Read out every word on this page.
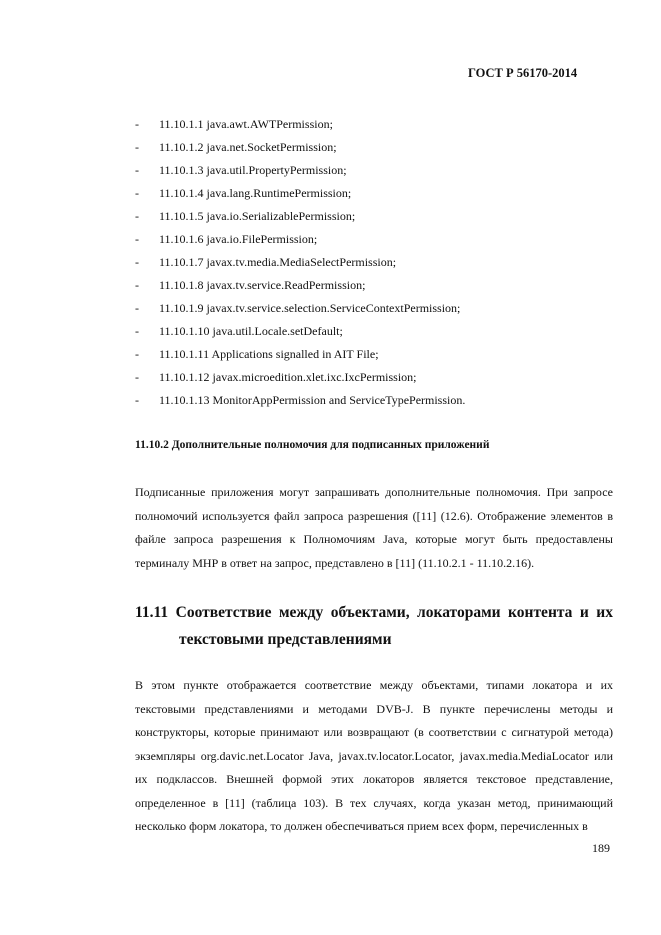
ГОСТ Р 56170-2014
- 11.10.1.1 java.awt.AWTPermission;
- 11.10.1.2 java.net.SocketPermission;
- 11.10.1.3 java.util.PropertyPermission;
- 11.10.1.4 java.lang.RuntimePermission;
- 11.10.1.5 java.io.SerializablePermission;
- 11.10.1.6 java.io.FilePermission;
- 11.10.1.7 javax.tv.media.MediaSelectPermission;
- 11.10.1.8 javax.tv.service.ReadPermission;
- 11.10.1.9 javax.tv.service.selection.ServiceContextPermission;
- 11.10.1.10 java.util.Locale.setDefault;
- 11.10.1.11 Applications signalled in AIT File;
- 11.10.1.12 javax.microedition.xlet.ixc.IxcPermission;
- 11.10.1.13 MonitorAppPermission and ServiceTypePermission.
11.10.2 Дополнительные полномочия для подписанных приложений

Подписанные приложения могут запрашивать дополнительные полномочия. При запросе полномочий используется файл запроса разрешения ([11] (12.6). Отображение элементов в файле запроса разрешения к Полномочиям Java, которые могут быть предоставлены терминалу МНР в ответ на запрос, представлено в [11] (11.10.2.1 - 11.10.2.16).

11.11 Соответствие между объектами, локаторами контента и их
текстовыми представлениями

В этом пункте отображается соответствие между объектами, типами локатора и их текстовыми представлениями и методами DVB-J. В пункте перечислены методы и конструкторы, которые принимают или возвращают (в соответствии с сигнатурой метода) экземпляры org.davic.net.Locator Java, javax.tv.locator.Locator, javax.media.MediaLocator или их подклассов. Внешней формой этих локаторов является текстовое представление, определенное в [11] (таблица 103). В тех случаях, когда указан метод, принимающий несколько форм локатора, то должен обеспечиваться прием всех форм, перечисленных в

189
